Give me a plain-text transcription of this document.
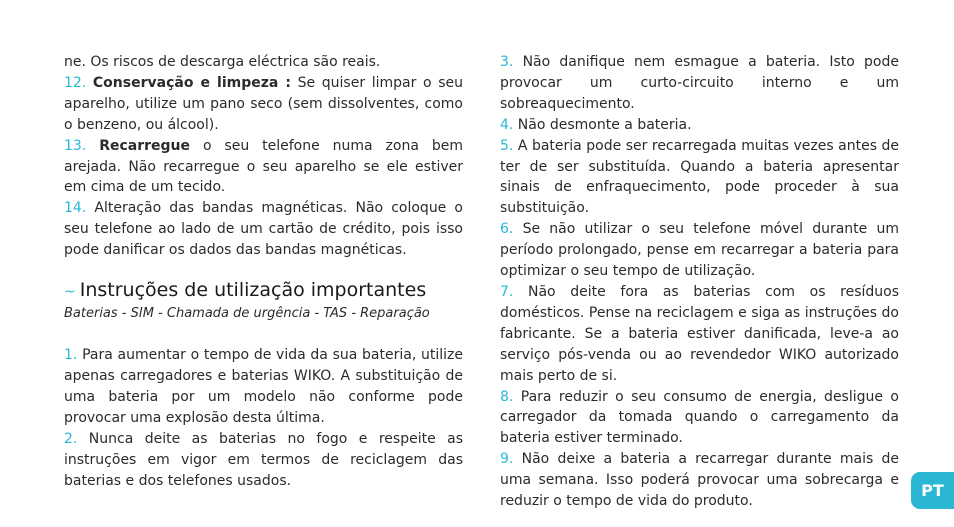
ne. Os riscos de descarga eléctrica são reais.

12. Conservação e limpeza : Se quiser limpar o seu aparelho, utilize um pano seco (sem dissolventes, como o benzeno, ou álcool).

13. Recarregue o seu telefone numa zona bem arejada. Não recarregue o seu aparelho se ele estiver em cima de um tecido.

14. Alteração das bandas magnéticas. Não coloque o seu telefone ao lado de um cartão de crédito, pois isso pode danificar os dados das bandas magnéticas.

~ Instruções de utilização importantes

Baterias - SIM - Chamada de urgência - TAS - Reparação

1. Para aumentar o tempo de vida da sua bateria, utilize apenas carregadores e baterias WIKO. A substituição de uma bateria por um modelo não conforme pode provocar uma explosão desta última.

2. Nunca deite as baterias no fogo e respeite as instruções em vigor em termos de reciclagem das baterias e dos telefones usados.

3. Não danifique nem esmague a bateria. Isto pode provocar um curto-circuito interno e um sobreaquecimento.

4. Não desmonte a bateria.

5. A bateria pode ser recarregada muitas vezes antes de ter de ser substituída. Quando a bateria apresentar sinais de enfraquecimento, pode proceder à sua substituição.

6. Se não utilizar o seu telefone móvel durante um período prolongado, pense em recarregar a bateria para optimizar o seu tempo de utilização.

7. Não deite fora as baterias com os resíduos domésticos. Pense na reciclagem e siga as instruções do fabricante. Se a bateria estiver danificada, leve-a ao serviço pós-venda ou ao revendedor WIKO autorizado mais perto de si.

8. Para reduzir o seu consumo de energia, desligue o carregador da tomada quando o carregamento da bateria estiver terminado.

9. Não deixe a bateria a recarregar durante mais de uma semana. Isso poderá provocar uma sobrecarga e reduzir o tempo de vida do produto.

PT
